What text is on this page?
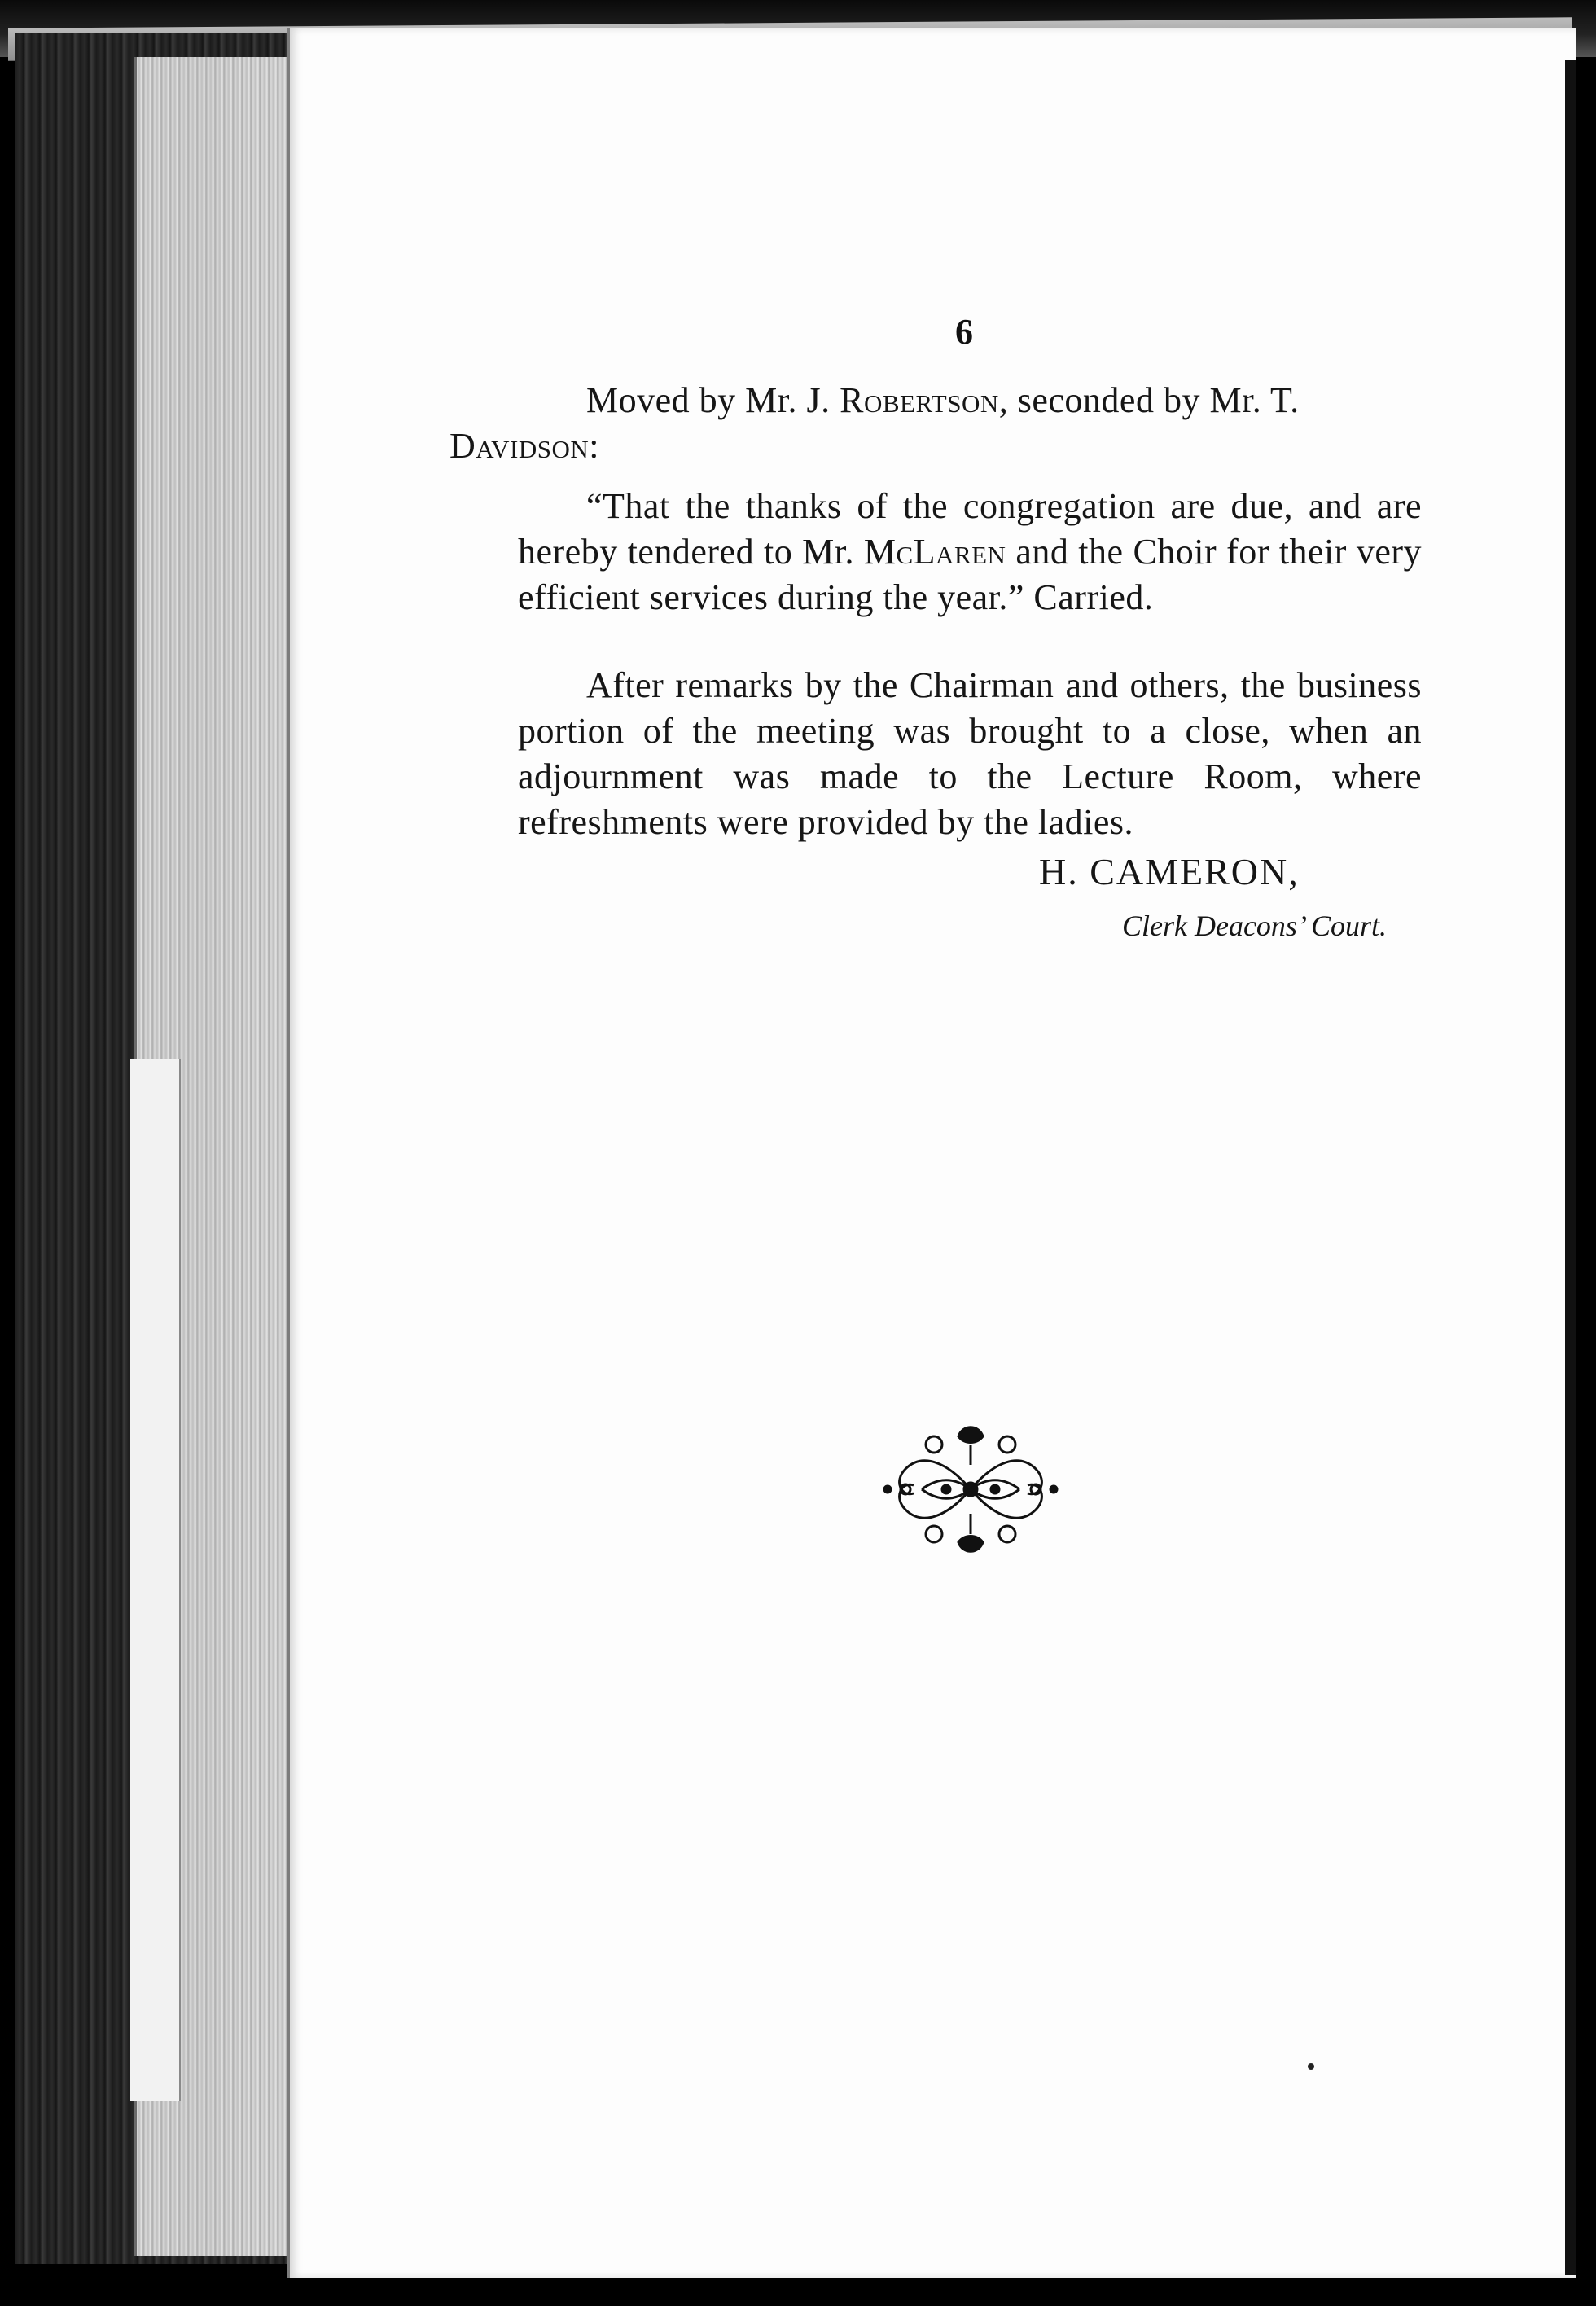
6

Moved by Mr. J. Robertson, seconded by Mr. T.
Davidson:

“That the thanks of the congregation are due, and are hereby tendered to Mr. McLaren and the Choir for their very efficient services during the year.” Carried.

After remarks by the Chairman and others, the business portion of the meeting was brought to a close, when an adjournment was made to the Lecture Room, where refreshments were provided by the ladies.

H. CAMERON,
Clerk Deacons’ Court.
